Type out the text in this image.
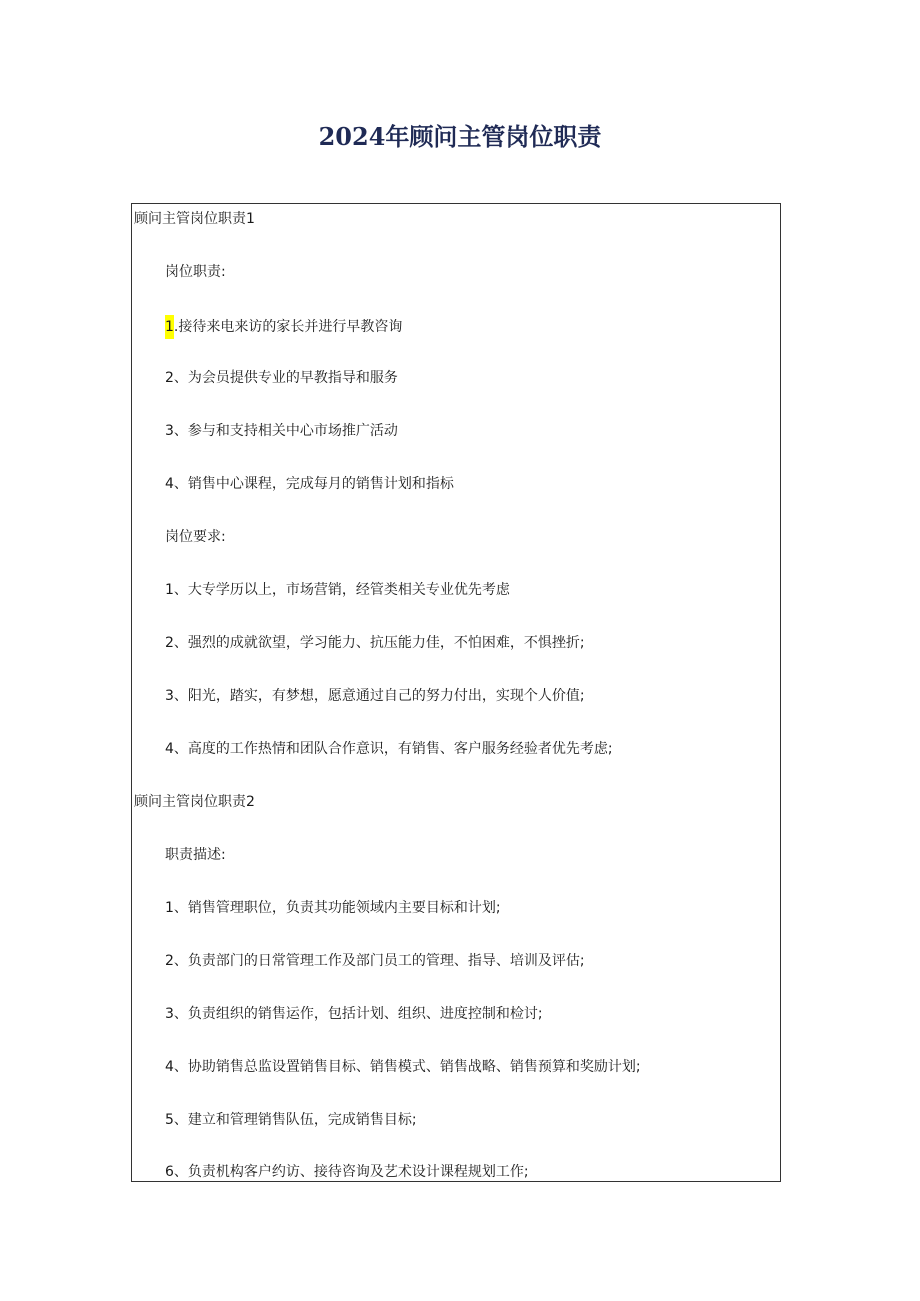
2024年顾问主管岗位职责
顾问主管岗位职责1
岗位职责:
1.接待来电来访的家长并进行早教咨询
2、为会员提供专业的早教指导和服务
3、参与和支持相关中心市场推广活动
4、销售中心课程，完成每月的销售计划和指标
岗位要求:
1、大专学历以上，市场营销，经管类相关专业优先考虑
2、强烈的成就欲望，学习能力、抗压能力佳，不怕困难，不惧挫折;
3、阳光，踏实，有梦想，愿意通过自己的努力付出，实现个人价值;
4、高度的工作热情和团队合作意识，有销售、客户服务经验者优先考虑;
顾问主管岗位职责2
职责描述:
1、销售管理职位，负责其功能领域内主要目标和计划;
2、负责部门的日常管理工作及部门员工的管理、指导、培训及评估;
3、负责组织的销售运作，包括计划、组织、进度控制和检讨;
4、协助销售总监设置销售目标、销售模式、销售战略、销售预算和奖励计划;
5、建立和管理销售队伍，完成销售目标;
6、负责机构客户约访、接待咨询及艺术设计课程规划工作;
